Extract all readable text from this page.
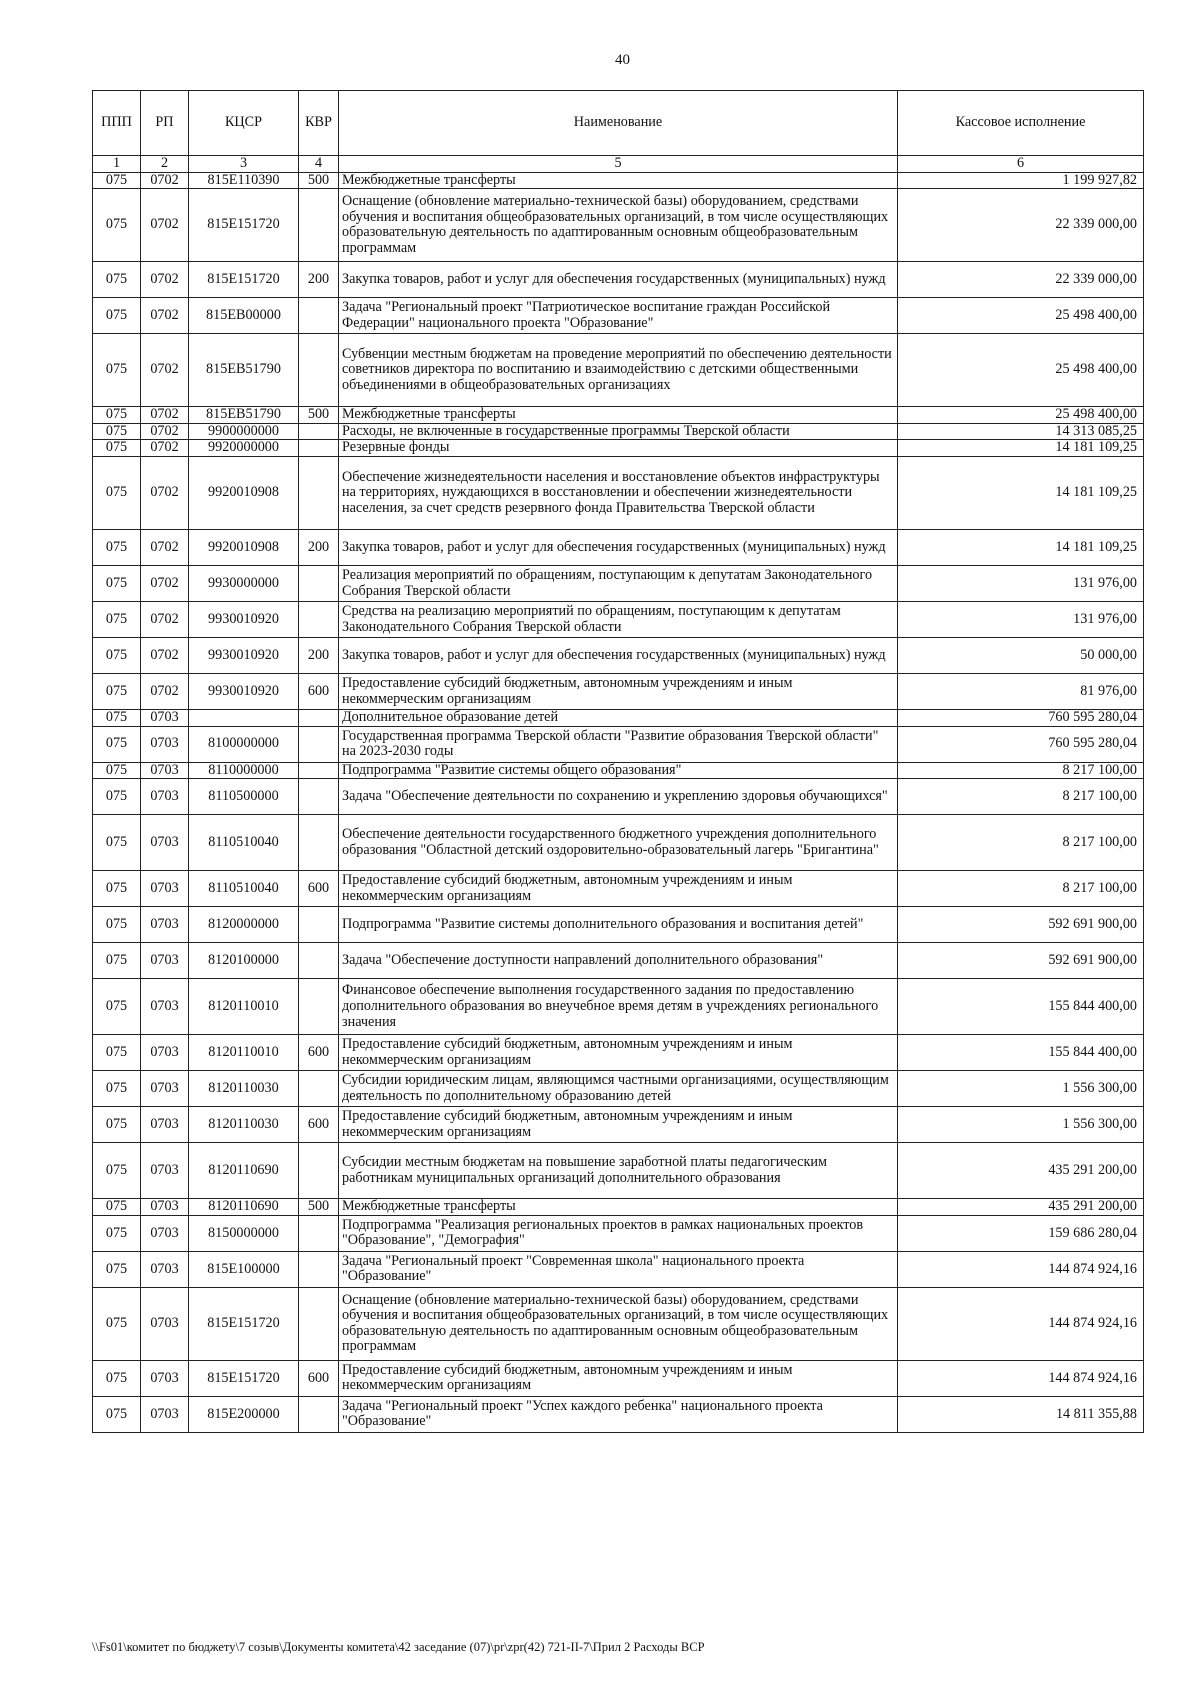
40
ППП	РП	КЦСР	КВР	Наименование	Кассовое исполнение
1	2	3	4	5	6
075	0702	815E110390	500	Межбюджетные трансферты	1 199 927,82
075	0702	815E151720		Оснащение (обновление материально-технической базы) оборудованием, средствами обучения и воспитания общеобразовательных организаций, в том числе осуществляющих образовательную деятельность по адаптированным основным общеобразовательным программам	22 339 000,00
075	0702	815E151720	200	Закупка товаров, работ и услуг для обеспечения государственных (муниципальных) нужд	22 339 000,00
075	0702	815EB00000		Задача "Региональный проект "Патриотическое воспитание граждан Российской Федерации" национального проекта "Образование"	25 498 400,00
075	0702	815EB51790		Субвенции местным бюджетам на проведение мероприятий по обеспечению деятельности советников директора по воспитанию и взаимодействию с детскими общественными объединениями в общеобразовательных организациях	25 498 400,00
075	0702	815EB51790	500	Межбюджетные трансферты	25 498 400,00
075	0702	9900000000		Расходы, не включенные в государственные программы Тверской области	14 313 085,25
075	0702	9920000000		Резервные фонды	14 181 109,25
075	0702	9920010908		Обеспечение жизнедеятельности населения и восстановление объектов инфраструктуры на территориях, нуждающихся в восстановлении и обеспечении жизнедеятельности населения, за счет средств резервного фонда Правительства Тверской области	14 181 109,25
075	0702	9920010908	200	Закупка товаров, работ и услуг для обеспечения государственных (муниципальных) нужд	14 181 109,25
075	0702	9930000000		Реализация мероприятий по обращениям, поступающим к депутатам Законодательного Собрания Тверской области	131 976,00
075	0702	9930010920		Средства на реализацию мероприятий по обращениям, поступающим к депутатам Законодательного Собрания Тверской области	131 976,00
075	0702	9930010920	200	Закупка товаров, работ и услуг для обеспечения государственных (муниципальных) нужд	50 000,00
075	0702	9930010920	600	Предоставление субсидий бюджетным, автономным учреждениям и иным некоммерческим организациям	81 976,00
075	0703			Дополнительное образование детей	760 595 280,04
075	0703	8100000000		Государственная программа Тверской области "Развитие образования Тверской области" на 2023-2030 годы	760 595 280,04
075	0703	8110000000		Подпрограмма "Развитие системы общего образования"	8 217 100,00
075	0703	8110500000		Задача "Обеспечение деятельности по сохранению и укреплению здоровья обучающихся"	8 217 100,00
075	0703	8110510040		Обеспечение деятельности государственного бюджетного учреждения дополнительного образования "Областной детский оздоровительно-образовательный лагерь "Бригантина"	8 217 100,00
075	0703	8110510040	600	Предоставление субсидий бюджетным, автономным учреждениям и иным некоммерческим организациям	8 217 100,00
075	0703	8120000000		Подпрограмма "Развитие системы дополнительного образования и воспитания детей"	592 691 900,00
075	0703	8120100000		Задача "Обеспечение доступности направлений дополнительного образования"	592 691 900,00
075	0703	8120110010		Финансовое обеспечение выполнения государственного задания по предоставлению дополнительного образования во внеучебное время детям в учреждениях регионального значения	155 844 400,00
075	0703	8120110010	600	Предоставление субсидий бюджетным, автономным учреждениям и иным некоммерческим организациям	155 844 400,00
075	0703	8120110030		Субсидии юридическим лицам, являющимся частными организациями, осуществляющим деятельность по дополнительному образованию детей	1 556 300,00
075	0703	8120110030	600	Предоставление субсидий бюджетным, автономным учреждениям и иным некоммерческим организациям	1 556 300,00
075	0703	8120110690		Субсидии местным бюджетам на повышение заработной платы педагогическим работникам муниципальных организаций дополнительного образования	435 291 200,00
075	0703	8120110690	500	Межбюджетные трансферты	435 291 200,00
075	0703	8150000000		Подпрограмма "Реализация региональных проектов в рамках национальных проектов "Образование", "Демография"	159 686 280,04
075	0703	815E100000		Задача "Региональный проект "Современная школа" национального проекта "Образование"	144 874 924,16
075	0703	815E151720		Оснащение (обновление материально-технической базы) оборудованием, средствами обучения и воспитания общеобразовательных организаций, в том числе осуществляющих образовательную деятельность по адаптированным основным общеобразовательным программам	144 874 924,16
075	0703	815E151720	600	Предоставление субсидий бюджетным, автономным учреждениям и иным некоммерческим организациям	144 874 924,16
075	0703	815E200000		Задача "Региональный проект "Успех каждого ребенка" национального проекта "Образование"	14 811 355,88
\\Fs01\комитет по бюджету\7 созыв\Документы комитета\42 заседание (07)\pr\zpr(42) 721-II-7\Прил 2 Расходы ВСР
